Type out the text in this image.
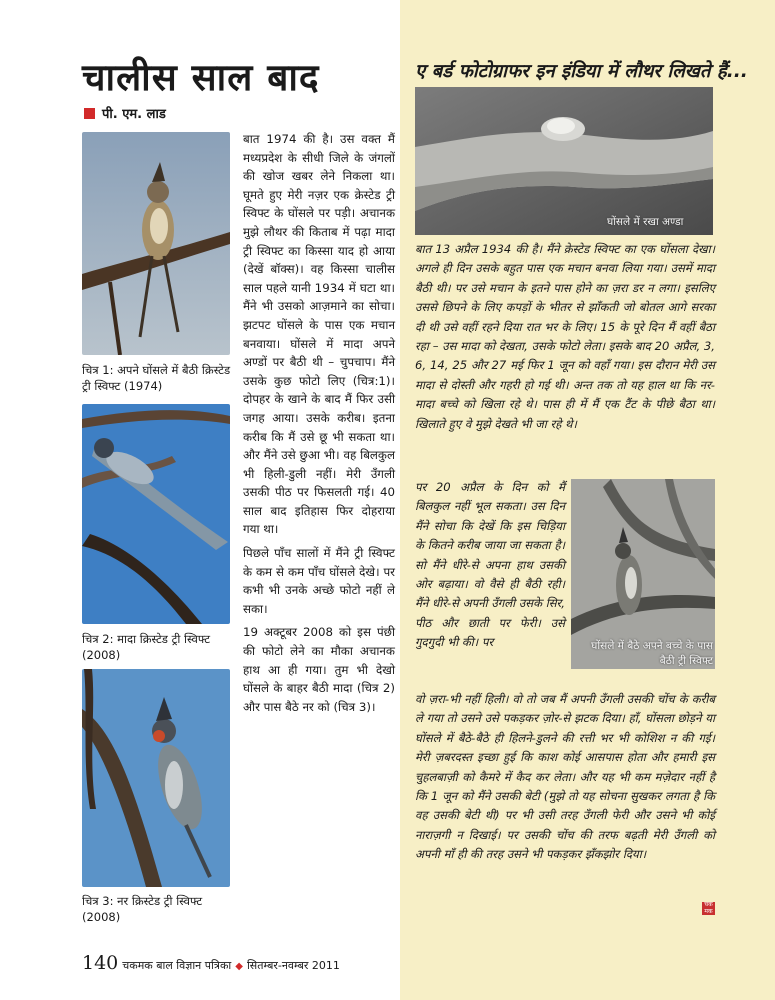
चालीस साल बाद
पी. एम. लाड
चित्र 1: अपने घोंसले में बैठी क्रिस्टेड ट्री स्विफ्ट (1974)
चित्र 2: मादा क्रिस्टेड ट्री स्विफ्ट (2008)
चित्र 3: नर क्रिस्टेड ट्री स्विफ्ट (2008)

बात 1974 की है। उस वक्त मैं मध्यप्रदेश के सीधी जिले के जंगलों की खोज खबर लेने निकला था। घूमते हुए मेरी नज़र एक क्रेस्टेड ट्री स्विफ्ट के घोंसले पर पड़ी। अचानक मुझे लौथर की किताब में पढ़ा मादा ट्री स्विफ्ट का किस्सा याद हो आया (देखें बॉक्स)। वह किस्सा चालीस साल पहले यानी 1934 में घटा था। मैंने भी उसको आज़माने का सोचा। झटपट घोंसले के पास एक मचान बनवाया। घोंसले में मादा अपने अण्डों पर बैठी थी – चुपचाप। मैंने उसके कुछ फोटो लिए (चित्र:1)। दोपहर के खाने के बाद मैं फिर उसी जगह आया। उसके करीब। इतना करीब कि मैं उसे छू भी सकता था। और मैंने उसे छुआ भी। वह बिलकुल भी हिली-डुली नहीं। मेरी उँगली उसकी पीठ पर फिसलती गई। 40 साल बाद इतिहास फिर दोहराया गया था।

पिछले पाँच सालों में मैंने ट्री स्विफ्ट के कम से कम पाँच घोंसले देखे। पर कभी भी उनके अच्छे फोटो नहीं ले सका।

19 अक्टूबर 2008 को इस पंछी की फोटो लेने का मौका अचानक हाथ आ ही गया। तुम भी देखो घोंसले के बाहर बैठी मादा (चित्र 2) और पास बैठे नर को (चित्र 3)।

ए बर्ड फोटोग्राफर इन इंडिया में लौथर लिखते हैं...
घोंसले में रखा अण्डा

बात 13 अप्रैल 1934 की है। मैंने क्रेस्टेड स्विफ्ट का एक घोंसला देखा। अगले ही दिन उसके बहुत पास एक मचान बनवा लिया गया। उसमें मादा बैठी थी। पर उसे मचान के इतने पास होने का ज़रा डर न लगा। इसलिए उससे छिपने के लिए कपड़ों के भीतर से झाँकती जो बोतल आगे सरका दी थी उसे वहीं रहने दिया रात भर के लिए। 15 के पूरे दिन मैं वहीं बैठा रहा – उस मादा को देखता, उसके फोटो लेता। इसके बाद 20 अप्रैल, 3, 6, 14, 25 और 27 मई फिर 1 जून को वहाँ गया। इस दौरान मेरी उस मादा से दोस्ती और गहरी हो गई थी। अन्त तक तो यह हाल था कि नर-मादा बच्चे को खिला रहे थे। पास ही में मैं एक टैंट के पीछे बैठा था। खिलाते हुए वे मुझे देखते भी जा रहे थे।

पर 20 अप्रैल के दिन को मैं बिलकुल नहीं भूल सकता। उस दिन मैंने सोचा कि देखें कि इस चिड़िया के कितने करीब जाया जा सकता है। सो मैंने धीरे-से अपना हाथ उसकी ओर बढ़ाया। वो वैसे ही बैठी रही। मैंने धीरे-से अपनी उँगली उसके सिर, पीठ और छाती पर फेरी। उसे गुदगुदी भी की। पर	घोंसले में बैठे अपने बच्चे के पास बैठी ट्री स्विफ्ट

वो ज़रा-भी नहीं हिली। वो तो जब मैं अपनी उँगली उसकी चोंच के करीब ले गया तो उसने उसे पकड़कर ज़ोर-से झटक दिया। हाँ, घोंसला छोड़ने या घोंसले में बैठे-बैठे ही हिलने-डुलने की रत्ती भर भी कोशिश न की गई। मेरी ज़बरदस्त इच्छा हुई कि काश कोई आसपास होता और हमारी इस चुहलबाज़ी को कैमरे में कैद कर लेता। और यह भी कम मज़ेदार नहीं है कि 1 जून को मैंने उसकी बेटी (मुझे तो यह सोचना सुखकर लगता है कि वह उसकी बेटी थी) पर भी उसी तरह उँगली फेरी और उसने भी कोई नाराज़गी न दिखाई। पर उसकी चोंच की तरफ बढ़ती मेरी उँगली को अपनी माँ ही की तरह उसने भी पकड़कर झँकझोर दिया।

चक मक
140 चकमक बाल विज्ञान पत्रिका ◆ सितम्बर-नवम्बर 2011
